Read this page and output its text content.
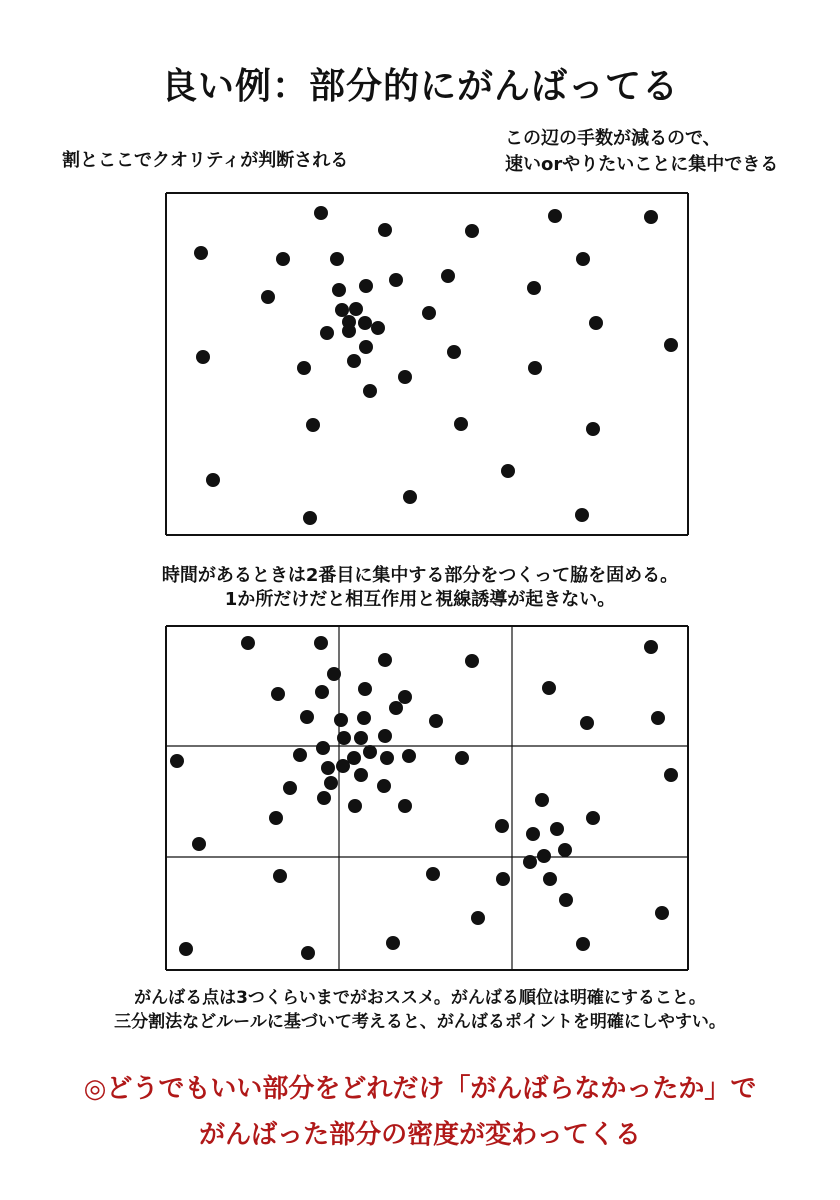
良い例：部分的にがんばってる

割とここでクオリティが判断される

この辺の手数が減るので、
速いorやりたいことに集中できる
時間があるときは2番目に集中する部分をつくって脇を固める。
1か所だけだと相互作用と視線誘導が起きない。
がんばる点は3つくらいまでがおススメ。がんばる順位は明確にすること。
三分割法などルールに基づいて考えると、がんばるポイントを明確にしやすい。
◎どうでもいい部分をどれだけ「がんばらなかったか」で
がんばった部分の密度が変わってくる
